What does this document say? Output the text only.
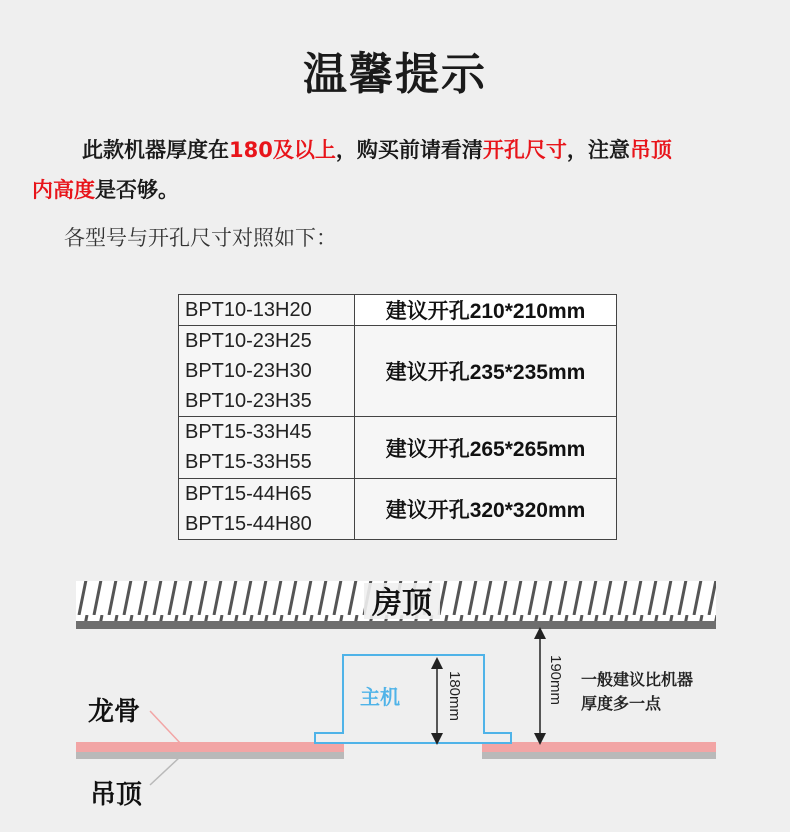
温馨提示
此款机器厚度在180及以上，购买前请看清开孔尺寸，注意吊顶
内高度是否够。
各型号与开孔尺寸对照如下：
BPT10-13H20	建议开孔210*210mm

BPT10-23H25
BPT10-23H30
BPT10-23H35	建议开孔235*235mm

BPT15-33H45
BPT15-33H55	建议开孔265*265mm

BPT15-44H65
BPT15-44H80	建议开孔320*320mm
房顶
主机	180mm	190mm 一般建议比机器
厚度多一点
龙骨
吊顶
